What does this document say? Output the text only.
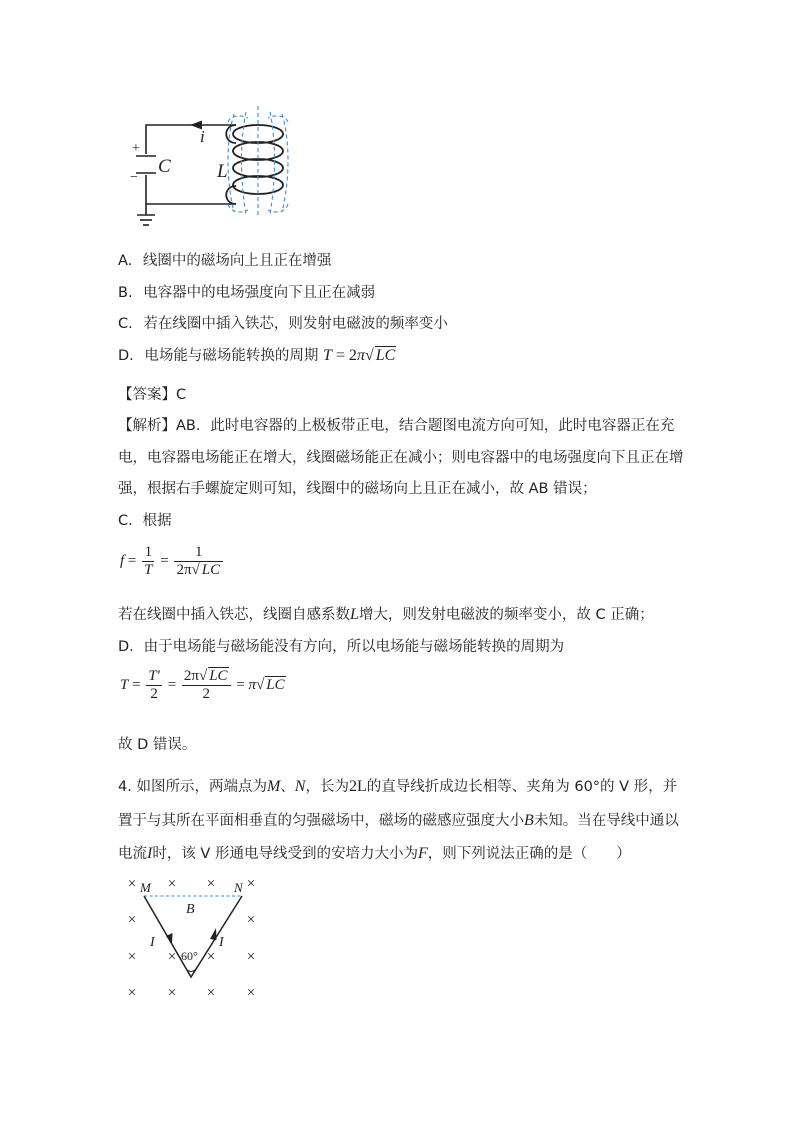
i
C L
+
−
A. 线圈中的磁场向上且正在增强
B. 电容器中的电场强度向下且正在减弱
C. 若在线圈中插入铁芯，则发射电磁波的频率变小
D. 电场能与磁场能转换的周期 T = 2π√ LC
【答案】C
【解析】AB．此时电容器的上极板带正电，结合题图电流方向可知，此时电容器正在充
电，电容器电场能正在增大，线圈磁场能正在减小；则电容器中的电场强度向下且正在增
强，根据右手螺旋定则可知，线圈中的磁场向上且正在减小，故 AB 错误；
C．根据
$f = \frac{1}{T} = \frac{1}{2\pi√ LC}$
若在线圈中插入铁芯，线圈自感系数L增大，则发射电磁波的频率变小，故 C 正确；
D．由于电场能与磁场能没有方向，所以电场能与磁场能转换的周期为
$T = \frac{T'}{2} = \frac{2\pi√ LC}{2} = \pi√$ LC
故 D 错误。
4. 如图所示，两端点为M、N，长为2L的直导线折成边长相等、夹角为 60°的 V 形，并
置于与其所在平面相垂直的匀强磁场中，磁场的磁感应强度大小B未知。当在导线中通以
电流I时，该 V 形通电导线受到的安培力大小为F，则下列说法正确的是（　　）
× × × ×
×	×
× × × ×
× × × ×
M	N
B
I	I
60°
